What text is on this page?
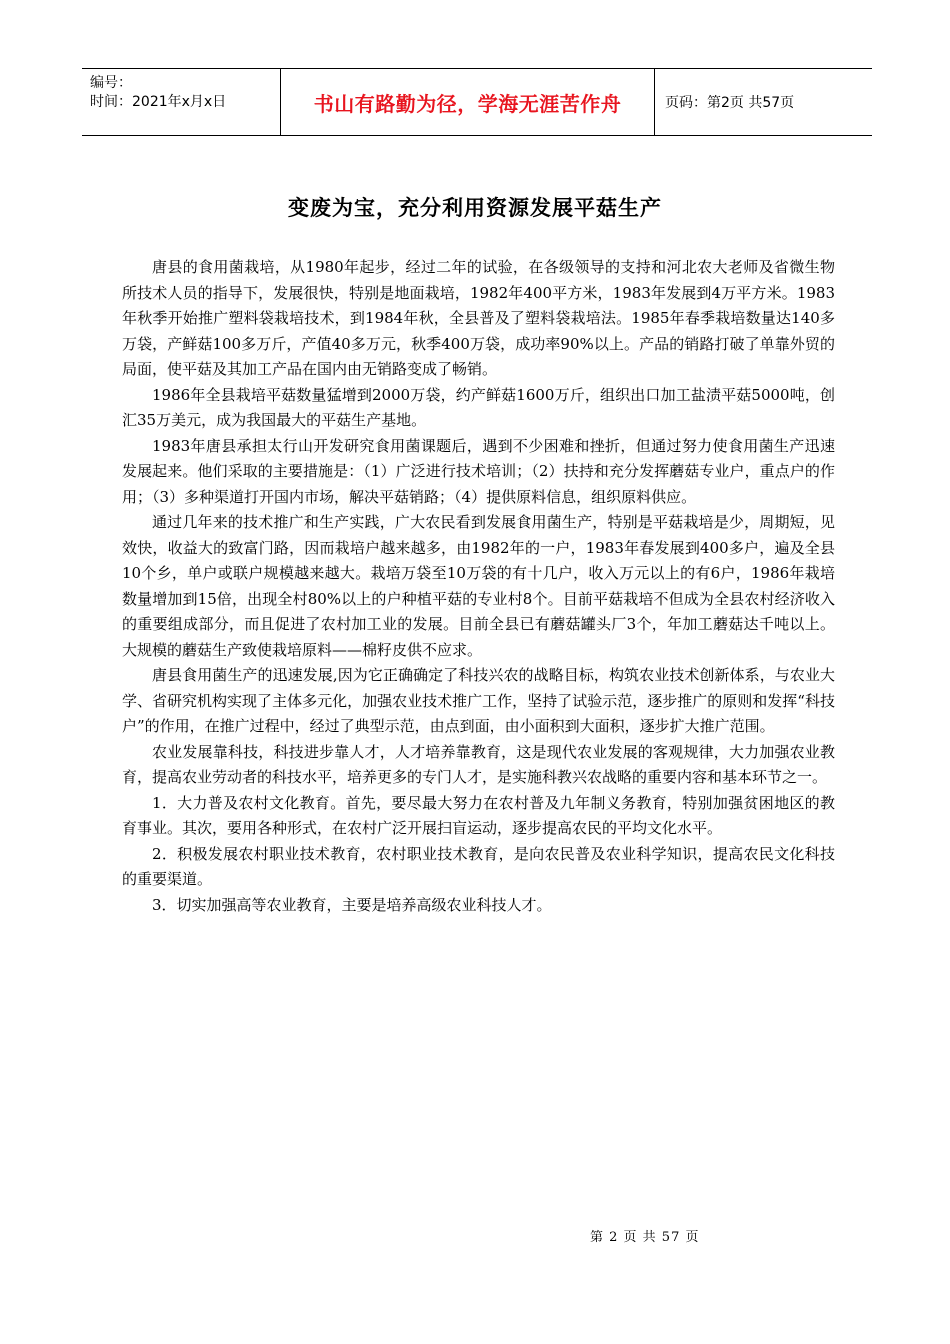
编号：
时间：2021年x月x日	书山有路勤为径，学海无涯苦作舟	页码：第2页 共57页
变废为宝，充分利用资源发展平菇生产

唐县的食用菌栽培，从1980年起步，经过二年的试验，在各级领导的支持和河北农大老师及省微生物所技术人员的指导下，发展很快，特别是地面栽培，1982年400平方米，1983年发展到4万平方米。1983年秋季开始推广塑料袋栽培技术，到1984年秋，全县普及了塑料袋栽培法。1985年春季栽培数量达140多万袋，产鲜菇100多万斤，产值40多万元，秋季400万袋，成功率90%以上。产品的销路打破了单靠外贸的局面，使平菇及其加工产品在国内由无销路变成了畅销。

1986年全县栽培平菇数量猛增到2000万袋，约产鲜菇1600万斤，组织出口加工盐渍平菇5000吨，创汇35万美元，成为我国最大的平菇生产基地。

1983年唐县承担太行山开发研究食用菌课题后，遇到不少困难和挫折，但通过努力使食用菌生产迅速发展起来。他们采取的主要措施是：（1）广泛进行技术培训；（2）扶持和充分发挥蘑菇专业户，重点户的作用；（3）多种渠道打开国内市场，解决平菇销路；（4）提供原料信息，组织原料供应。

通过几年来的技术推广和生产实践，广大农民看到发展食用菌生产，特别是平菇栽培是少，周期短，见效快，收益大的致富门路，因而栽培户越来越多，由1982年的一户，1983年春发展到400多户，遍及全县10个乡，单户或联户规模越来越大。栽培万袋至10万袋的有十几户，收入万元以上的有6户，1986年栽培数量增加到15倍，出现全村80%以上的户种植平菇的专业村8个。目前平菇栽培不但成为全县农村经济收入的重要组成部分，而且促进了农村加工业的发展。目前全县已有蘑菇罐头厂3个，年加工蘑菇达千吨以上。大规模的蘑菇生产致使栽培原料——棉籽皮供不应求。

唐县食用菌生产的迅速发展,因为它正确确定了科技兴农的战略目标，构筑农业技术创新体系，与农业大学、省研究机构实现了主体多元化，加强农业技术推广工作，坚持了试验示范，逐步推广的原则和发挥“科技户”的作用，在推广过程中，经过了典型示范，由点到面，由小面积到大面积，逐步扩大推广范围。

农业发展靠科技，科技进步靠人才，人才培养靠教育，这是现代农业发展的客观规律，大力加强农业教育，提高农业劳动者的科技水平，培养更多的专门人才，是实施科教兴农战略的重要内容和基本环节之一。

1．大力普及农村文化教育。首先，要尽最大努力在农村普及九年制义务教育，特别加强贫困地区的教育事业。其次，要用各种形式，在农村广泛开展扫盲运动，逐步提高农民的平均文化水平。

2．积极发展农村职业技术教育，农村职业技术教育，是向农民普及农业科学知识，提高农民文化科技的重要渠道。

3．切实加强高等农业教育，主要是培养高级农业科技人才。

第 2 页 共 57 页
